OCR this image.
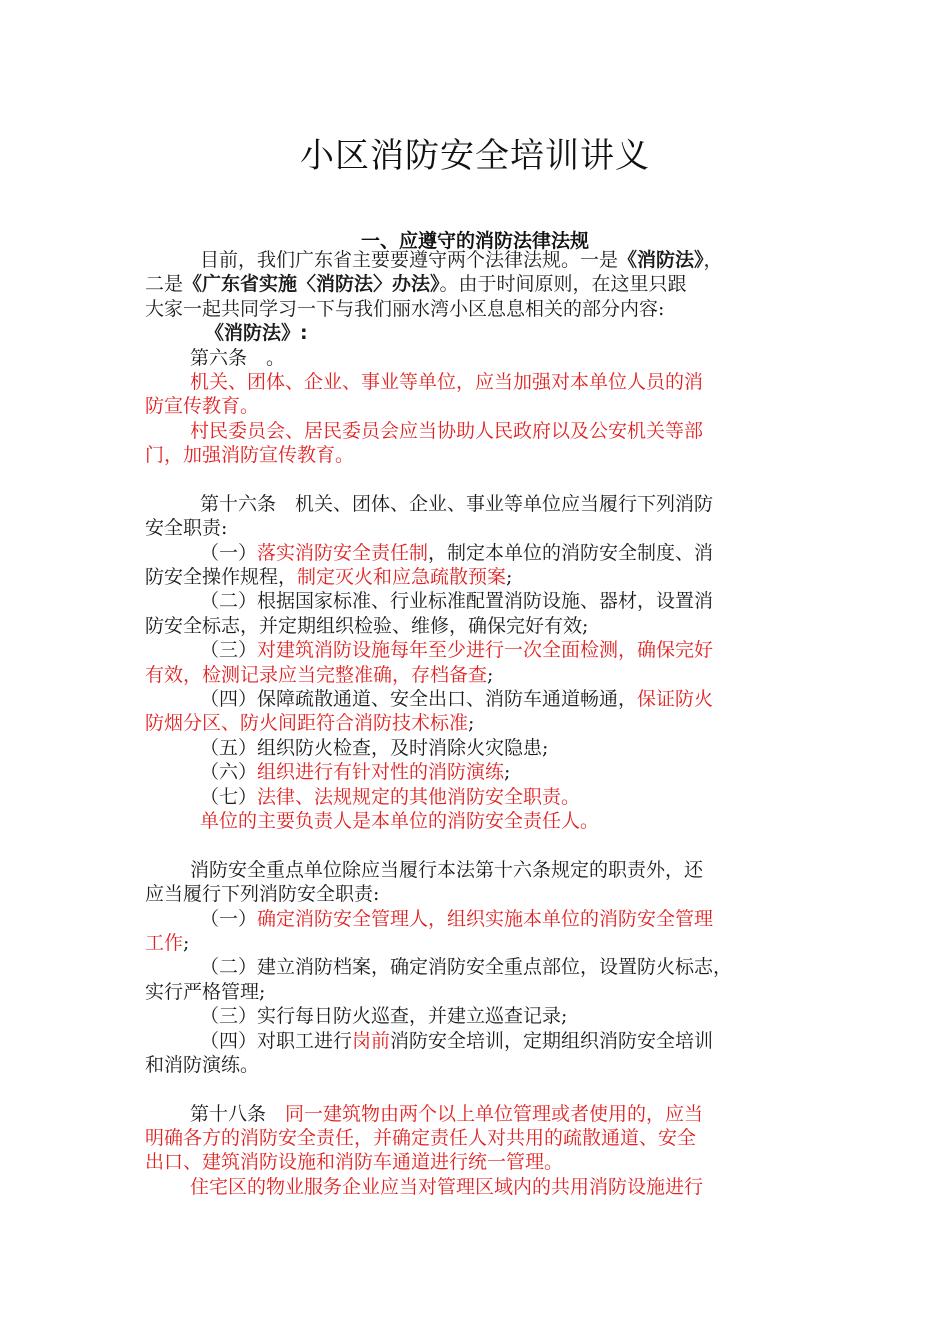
小区消防安全培训讲义
一、应遵守的消防法律法规
目前，我们广东省主要要遵守两个法律法规。一是《消防法》，
二是《广东省实施〈消防法〉办法》。由于时间原则，在这里只跟
大家一起共同学习一下与我们丽水湾小区息息相关的部分内容:
《消防法》:
第六条　。
机关、团体、企业、事业等单位，应当加强对本单位人员的消
防宣传教育。
村民委员会、居民委员会应当协助人民政府以及公安机关等部
门，加强消防宣传教育。
第十六条　机关、团体、企业、事业等单位应当履行下列消防
安全职责:
（一）落实消防安全责任制，制定本单位的消防安全制度、消
防安全操作规程，制定灭火和应急疏散预案;
（二）根据国家标准、行业标准配置消防设施、器材，设置消
防安全标志，并定期组织检验、维修，确保完好有效;
（三）对建筑消防设施每年至少进行一次全面检测，确保完好
有效，检测记录应当完整准确，存档备查;
（四）保障疏散通道、安全出口、消防车通道畅通，保证防火
防烟分区、防火间距符合消防技术标准;
（五）组织防火检查，及时消除火灾隐患;
（六）组织进行有针对性的消防演练;
（七）法律、法规规定的其他消防安全职责。
单位的主要负责人是本单位的消防安全责任人。
消防安全重点单位除应当履行本法第十六条规定的职责外，还
应当履行下列消防安全职责:
（一）确定消防安全管理人，组织实施本单位的消防安全管理
工作;
（二）建立消防档案，确定消防安全重点部位，设置防火标志，
实行严格管理;
（三）实行每日防火巡查，并建立巡查记录;
（四）对职工进行岗前消防安全培训，定期组织消防安全培训
和消防演练。
第十八条　同一建筑物由两个以上单位管理或者使用的，应当
明确各方的消防安全责任，并确定责任人对共用的疏散通道、安全
出口、建筑消防设施和消防车通道进行统一管理。
住宅区的物业服务企业应当对管理区域内的共用消防设施进行
